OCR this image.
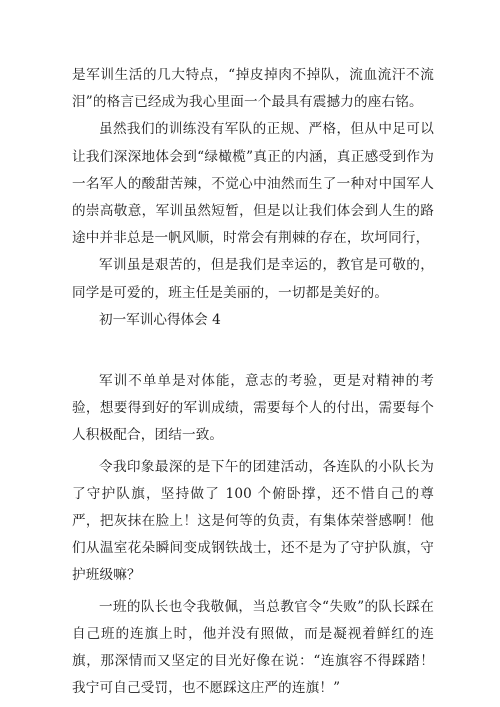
是军训生活的几大特点，“掉皮掉肉不掉队，流血流汗不流泪”的格言已经成为我心里面一个最具有震撼力的座右铭。

虽然我们的训练没有军队的正规、严格，但从中足可以让我们深深地体会到“绿橄榄”真正的内涵，真正感受到作为一名军人的酸甜苦辣，不觉心中油然而生了一种对中国军人的崇高敬意，军训虽然短暂，但是以让我们体会到人生的路途中并非总是一帆风顺，时常会有荆棘的存在，坎坷同行，

军训虽是艰苦的，但是我们是幸运的，教官是可敬的，同学是可爱的，班主任是美丽的，一切都是美好的。

初一军训心得体会 4

军训不单单是对体能，意志的考验，更是对精神的考验，想要得到好的军训成绩，需要每个人的付出，需要每个人积极配合，团结一致。

令我印象最深的是下午的团建活动，各连队的小队长为了守护队旗，坚持做了 100 个俯卧撑，还不惜自己的尊严，把灰抹在脸上！这是何等的负责，有集体荣誉感啊！他们从温室花朵瞬间变成钢铁战士，还不是为了守护队旗，守护班级嘛？

一班的队长也令我敬佩，当总教官令“失败”的队长踩在自己班的连旗上时，他并没有照做，而是凝视着鲜红的连旗，那深情而又坚定的目光好像在说：“连旗容不得踩踏！我宁可自己受罚，也不愿踩这庄严的连旗！”
